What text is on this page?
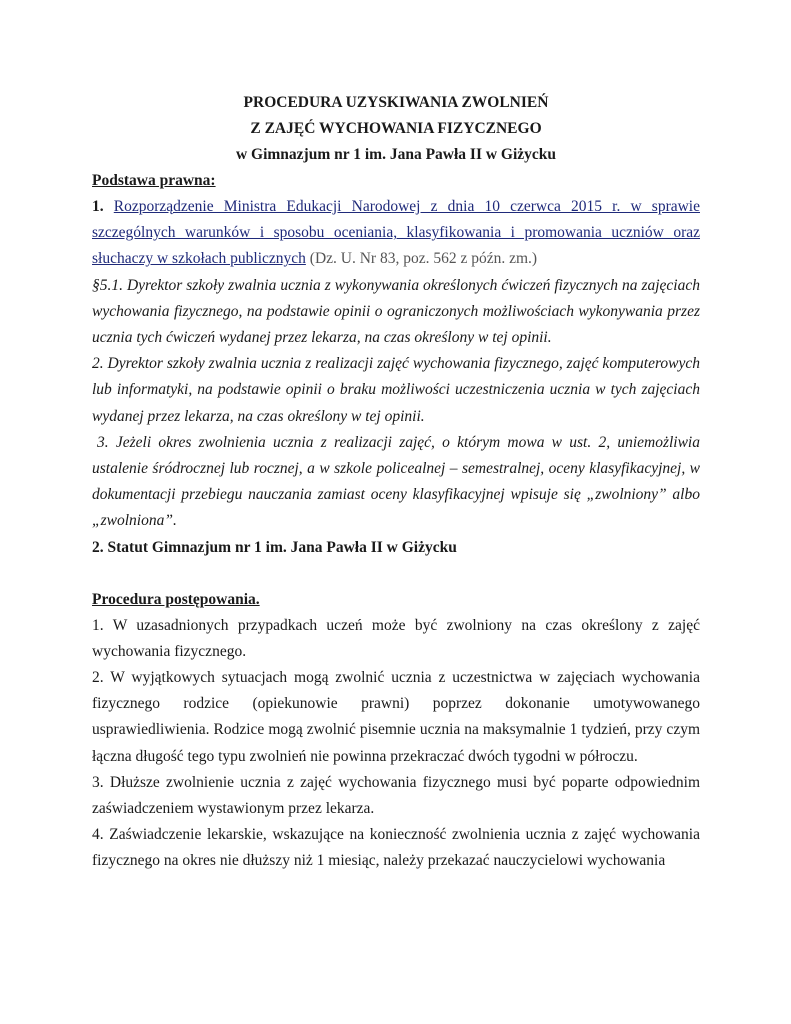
PROCEDURA UZYSKIWANIA ZWOLNIEŃ

Z ZAJĘĆ WYCHOWANIA FIZYCZNEGO

w Gimnazjum nr 1 im. Jana Pawła II w Giżycku

Podstawa prawna:

1. Rozporządzenie Ministra Edukacji Narodowej z dnia 10 czerwca 2015 r. w sprawie szczególnych warunków i sposobu oceniania, klasyfikowania i promowania uczniów oraz słuchaczy w szkołach publicznych (Dz. U. Nr 83, poz. 562 z późn. zm.)

§5.1. Dyrektor szkoły zwalnia ucznia z wykonywania określonych ćwiczeń fizycznych na zajęciach wychowania fizycznego, na podstawie opinii o ograniczonych możliwościach wykonywania przez ucznia tych ćwiczeń wydanej przez lekarza, na czas określony w tej opinii.

2. Dyrektor szkoły zwalnia ucznia z realizacji zajęć wychowania fizycznego, zajęć komputerowych lub informatyki, na podstawie opinii o braku możliwości uczestniczenia ucznia w tych zajęciach wydanej przez lekarza, na czas określony w tej opinii.

3. Jeżeli okres zwolnienia ucznia z realizacji zajęć, o którym mowa w ust. 2, uniemożliwia ustalenie śródrocznej lub rocznej, a w szkole policealnej – semestralnej, oceny klasyfikacyjnej, w dokumentacji przebiegu nauczania zamiast oceny klasyfikacyjnej wpisuje się „zwolniony” albo „zwolniona”.

2. Statut Gimnazjum nr 1 im. Jana Pawła II w Giżycku

Procedura postępowania.

1. W uzasadnionych przypadkach uczeń może być zwolniony na czas określony z zajęć wychowania fizycznego.

2. W wyjątkowych sytuacjach mogą zwolnić ucznia z uczestnictwa w zajęciach wychowania fizycznego rodzice (opiekunowie prawni) poprzez dokonanie umotywowanego usprawiedliwienia. Rodzice mogą zwolnić pisemnie ucznia na maksymalnie 1 tydzień, przy czym łączna długość tego typu zwolnień nie powinna przekraczać dwóch tygodni w półroczu.

3. Dłuższe zwolnienie ucznia z zajęć wychowania fizycznego musi być poparte odpowiednim zaświadczeniem wystawionym przez lekarza.

4. Zaświadczenie lekarskie, wskazujące na konieczność zwolnienia ucznia z zajęć wychowania fizycznego na okres nie dłuższy niż 1 miesiąc, należy przekazać nauczycielowi wychowania
